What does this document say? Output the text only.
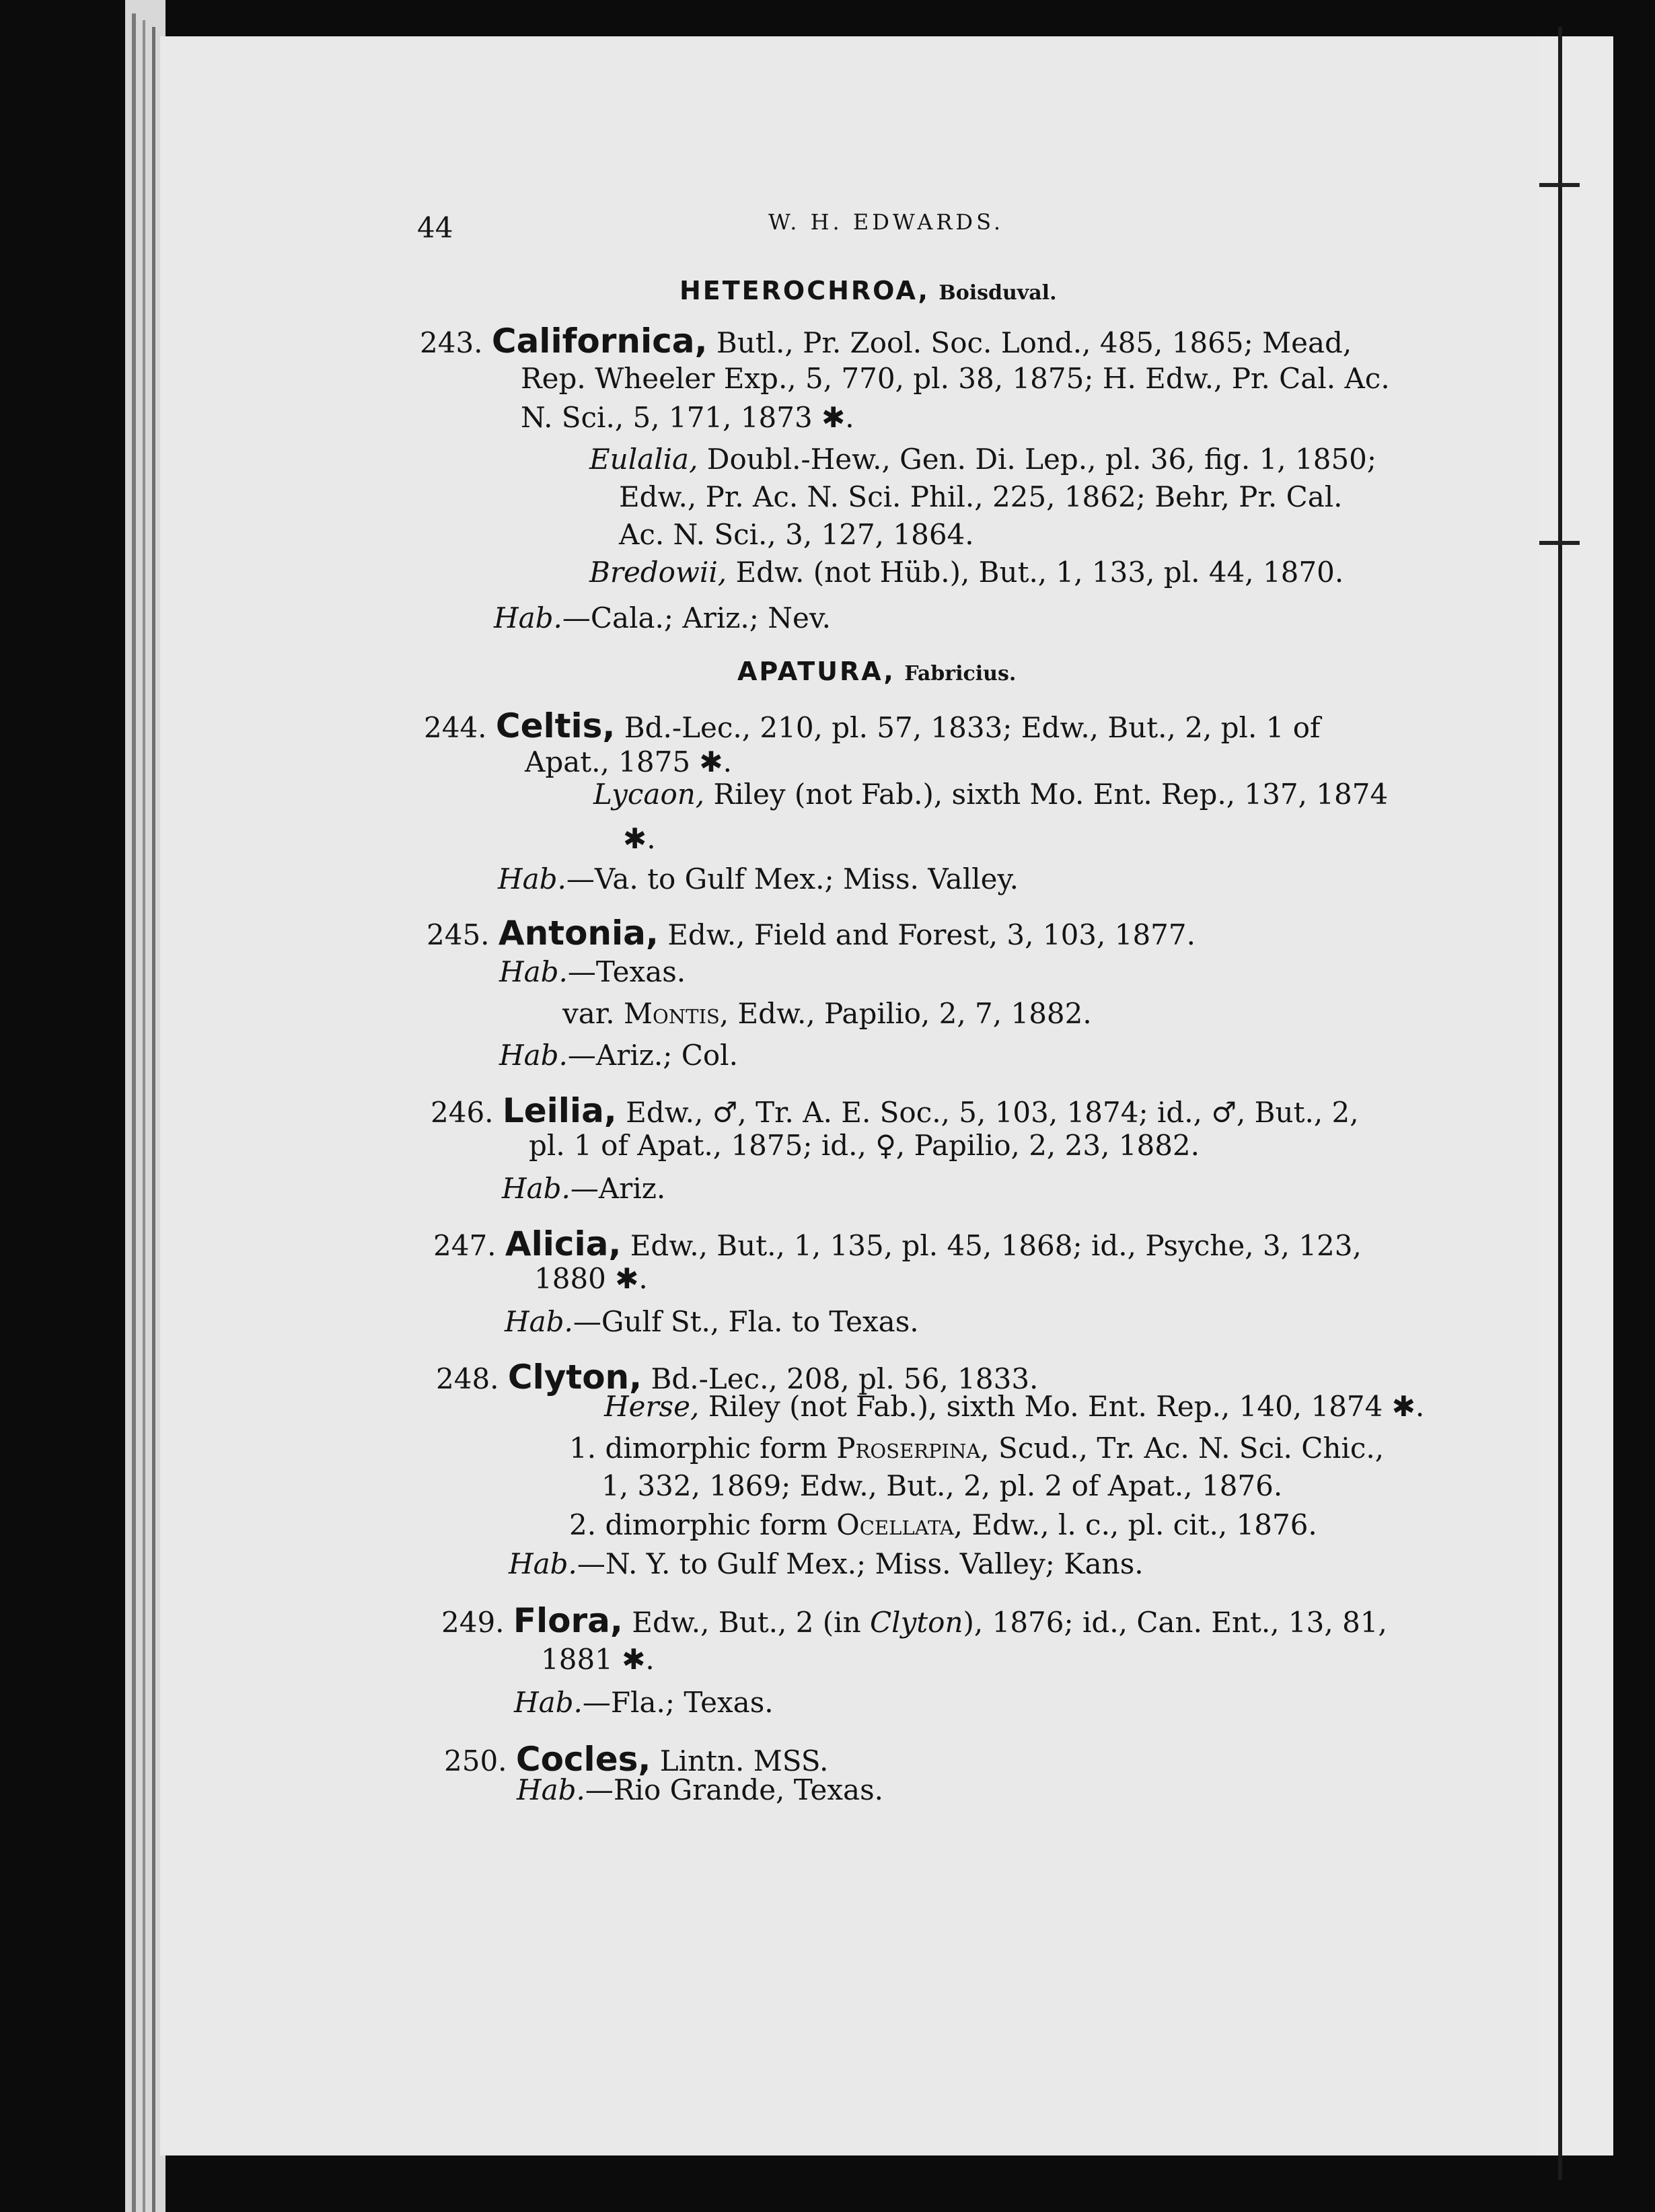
44	W. H. EDWARDS.
HETEROCHROA, Boisduval.
243. Californica, Butl., Pr. Zool. Soc. Lond., 485, 1865; Mead,
Rep. Wheeler Exp., 5, 770, pl. 38, 1875; H. Edw., Pr. Cal. Ac.
N. Sci., 5, 171, 1873 ✱.
Eulalia, Doubl.-Hew., Gen. Di. Lep., pl. 36, fig. 1, 1850;
Edw., Pr. Ac. N. Sci. Phil., 225, 1862; Behr, Pr. Cal.
Ac. N. Sci., 3, 127, 1864.
Bredowii, Edw. (not Hüb.), But., 1, 133, pl. 44, 1870.
Hab.—Cala.; Ariz.; Nev.
APATURA, Fabricius.
244. Celtis, Bd.-Lec., 210, pl. 57, 1833; Edw., But., 2, pl. 1 of
Apat., 1875 ✱.
Lycaon, Riley (not Fab.), sixth Mo. Ent. Rep., 137, 1874
✱.
Hab.—Va. to Gulf Mex.; Miss. Valley.
245. Antonia, Edw., Field and Forest, 3, 103, 1877.
Hab.—Texas.
var. Montis, Edw., Papilio, 2, 7, 1882.
Hab.—Ariz.; Col.
246. Leilia, Edw., ♂, Tr. A. E. Soc., 5, 103, 1874; id., ♂, But., 2,
pl. 1 of Apat., 1875; id., ♀, Papilio, 2, 23, 1882.
Hab.—Ariz.
247. Alicia, Edw., But., 1, 135, pl. 45, 1868; id., Psyche, 3, 123,
1880 ✱.
Hab.—Gulf St., Fla. to Texas.
248. Clyton, Bd.-Lec., 208, pl. 56, 1833.
Herse, Riley (not Fab.), sixth Mo. Ent. Rep., 140, 1874 ✱.
1. dimorphic form Proserpina, Scud., Tr. Ac. N. Sci. Chic.,
1, 332, 1869; Edw., But., 2, pl. 2 of Apat., 1876.
2. dimorphic form Ocellata, Edw., l. c., pl. cit., 1876.
Hab.—N. Y. to Gulf Mex.; Miss. Valley; Kans.
249. Flora, Edw., But., 2 (in Clyton), 1876; id., Can. Ent., 13, 81,
1881 ✱.
Hab.—Fla.; Texas.
250. Cocles, Lintn. MSS.
Hab.—Rio Grande, Texas.
